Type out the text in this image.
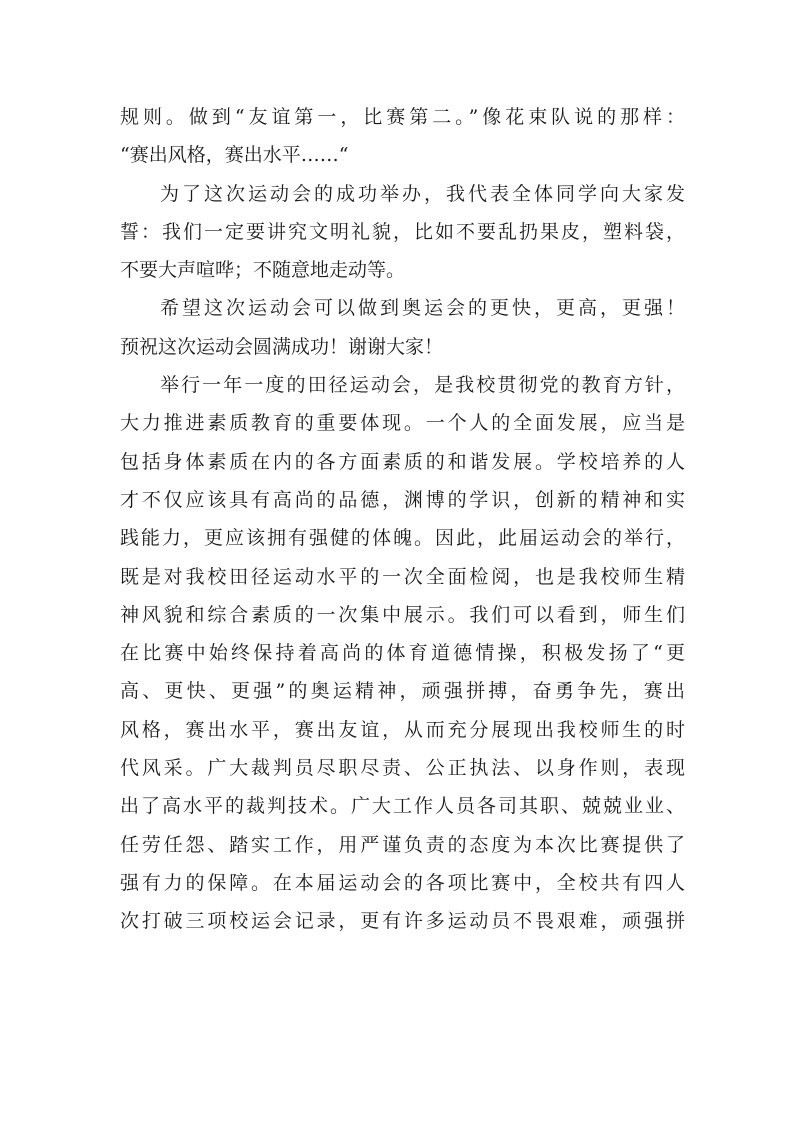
规则。做到“友谊第一，比赛第二。”像花束队说的那样：
“赛出风格，赛出水平……“
为了这次运动会的成功举办，我代表全体同学向大家发
誓：我们一定要讲究文明礼貌，比如不要乱扔果皮，塑料袋，
不要大声喧哗；不随意地走动等。
希望这次运动会可以做到奥运会的更快，更高，更强！
预祝这次运动会圆满成功！谢谢大家！
举行一年一度的田径运动会，是我校贯彻党的教育方针，
大力推进素质教育的重要体现。一个人的全面发展，应当是
包括身体素质在内的各方面素质的和谐发展。学校培养的人
才不仅应该具有高尚的品德，渊博的学识，创新的精神和实
践能力，更应该拥有强健的体魄。因此，此届运动会的举行，
既是对我校田径运动水平的一次全面检阅，也是我校师生精
神风貌和综合素质的一次集中展示。我们可以看到，师生们
在比赛中始终保持着高尚的体育道德情操，积极发扬了“更
高、更快、更强”的奥运精神，顽强拼搏，奋勇争先，赛出
风格，赛出水平，赛出友谊，从而充分展现出我校师生的时
代风采。广大裁判员尽职尽责、公正执法、以身作则，表现
出了高水平的裁判技术。广大工作人员各司其职、兢兢业业、
任劳任怨、踏实工作，用严谨负责的态度为本次比赛提供了
强有力的保障。在本届运动会的各项比赛中，全校共有四人
次打破三项校运会记录，更有许多运动员不畏艰难，顽强拼
